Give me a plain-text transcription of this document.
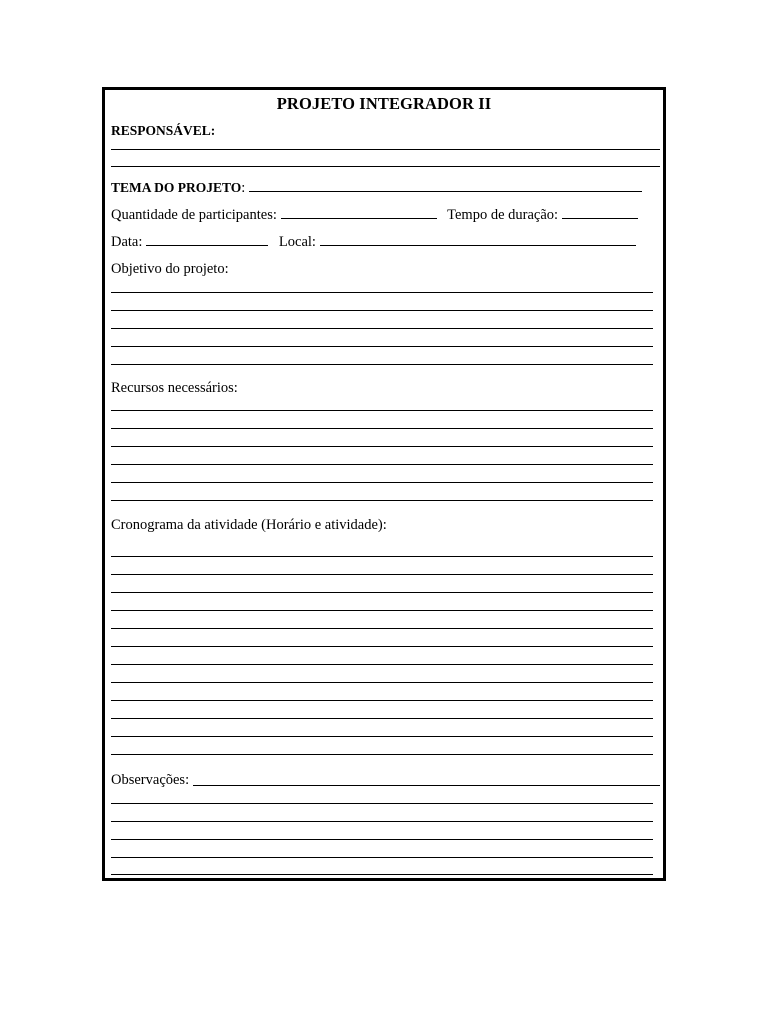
PROJETO INTEGRADOR II
RESPONSÁVEL:
TEMA DO PROJETO:
Quantidade de participantes:	Tempo de duração:
Data:	Local:
Objetivo do projeto:
Recursos necessários:
Cronograma da atividade (Horário e atividade):
Observações:
